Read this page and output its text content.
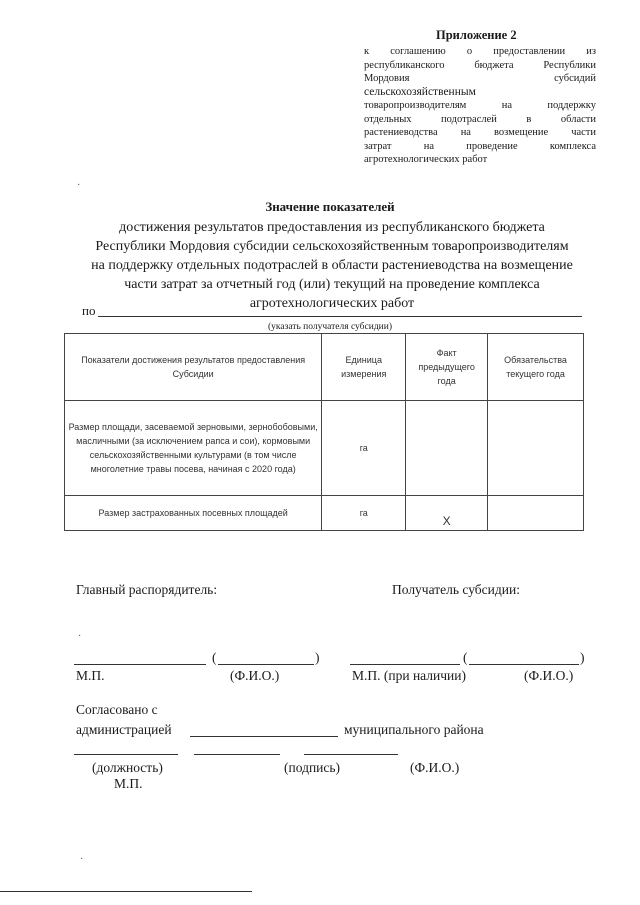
Приложение 2
к соглашению о предоставлении из
республиканского бюджета Республики
Мордовия субсидий
сельскохозяйственным
товаропроизводителям на поддержку
отдельных подотраслей в области
растениеводства на возмещение части
затрат на проведение комплекса
агротехнологических работ
·
Значение показателей
достижения результатов предоставления из республиканского бюджета
Республики Мордовия субсидии сельскохозяйственным товаропроизводителям
на поддержку отдельных подотраслей в области растениеводства на возмещение
части затрат за отчетный год (или) текущий на проведение комплекса
агротехнологических работ
по
(указать получателя субсидии)
Показатели достижения результатов предоставления Субсидии	Единица измерения	Факт предыдущего года	Обязательства текущего года
Размер площади, засеваемой зерновыми, зернобобовыми, масличными (за исключением рапса и сои), кормовыми сельскохозяйственными культурами (в том числе многолетние травы посева, начиная с 2020 года)	га		
Размер застрахованных посевных площадей	га	Х	
Главный распорядитель:	Получатель субсидии:
·
(	)	(	)
М.П.	(Ф.И.О.)	М.П. (при наличии)	(Ф.И.О.)
Согласовано с
администрацией	муниципального района
(должность)	(подпись)	(Ф.И.О.)
М.П.
·
